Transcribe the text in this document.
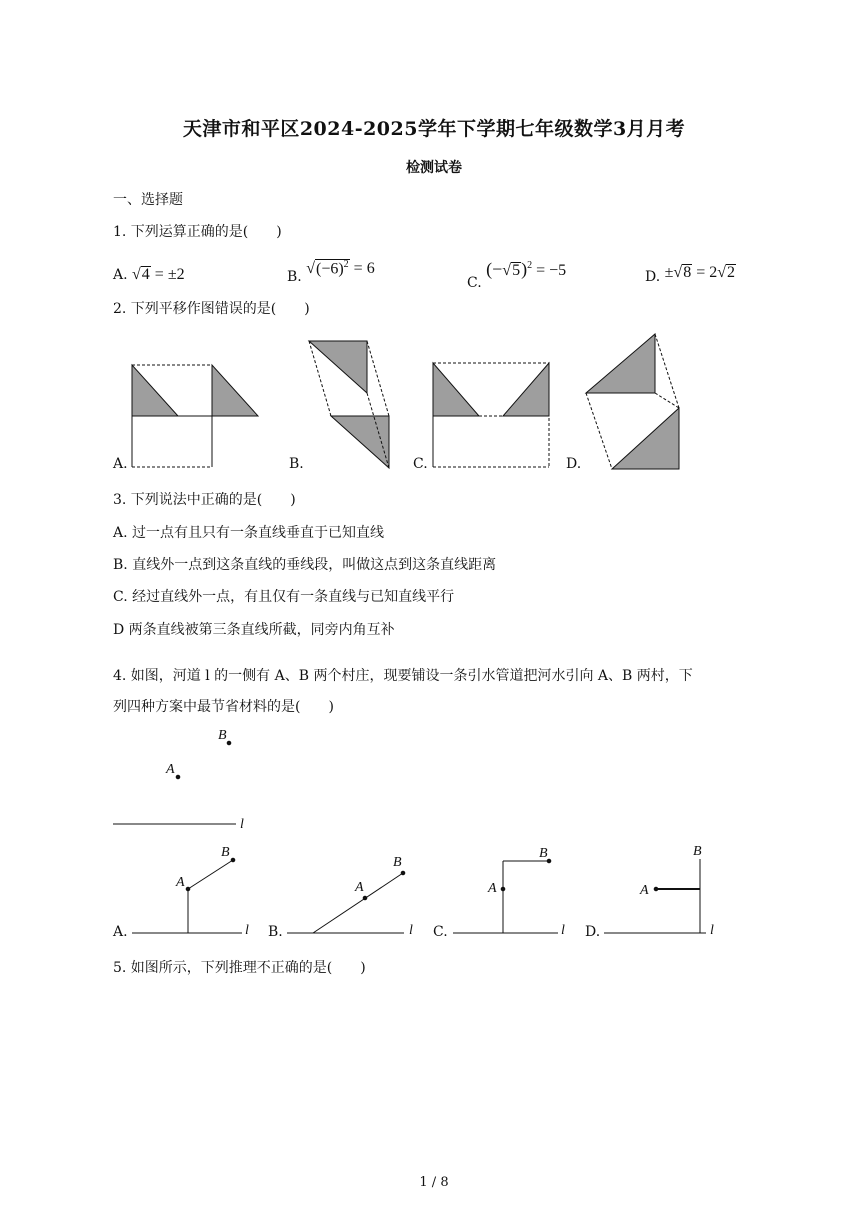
天津市和平区2024-2025学年下学期七年级数学3月月考
检测试卷
一、选择题
1. 下列运算正确的是(　　)
A. √4 = ±2	B. $√(-6)^2 = 6$
C. $(-√5)^2 = -5$	D. ±√8 = 2√2
2. 下列平移作图错误的是(　　)
A.	B.	C.	D.
3. 下列说法中正确的是(　　)
A. 过一点有且只有一条直线垂直于已知直线
B. 直线外一点到这条直线的垂线段，叫做这点到这条直线距离
C. 经过直线外一点，有且仅有一条直线与已知直线平行
D 两条直线被第三条直线所截，同旁内角互补
4. 如图，河道 l 的一侧有 A、B 两个村庄，现要铺设一条引水管道把河水引向 A、B 两村，下
列四种方案中最节省材料的是(　　)
B
A
l
A
B
l
A
B
l
A
B
l
A
B
l
A.	B.	C.	D.
5. 如图所示，下列推理不正确的是(　　)
1 / 8
